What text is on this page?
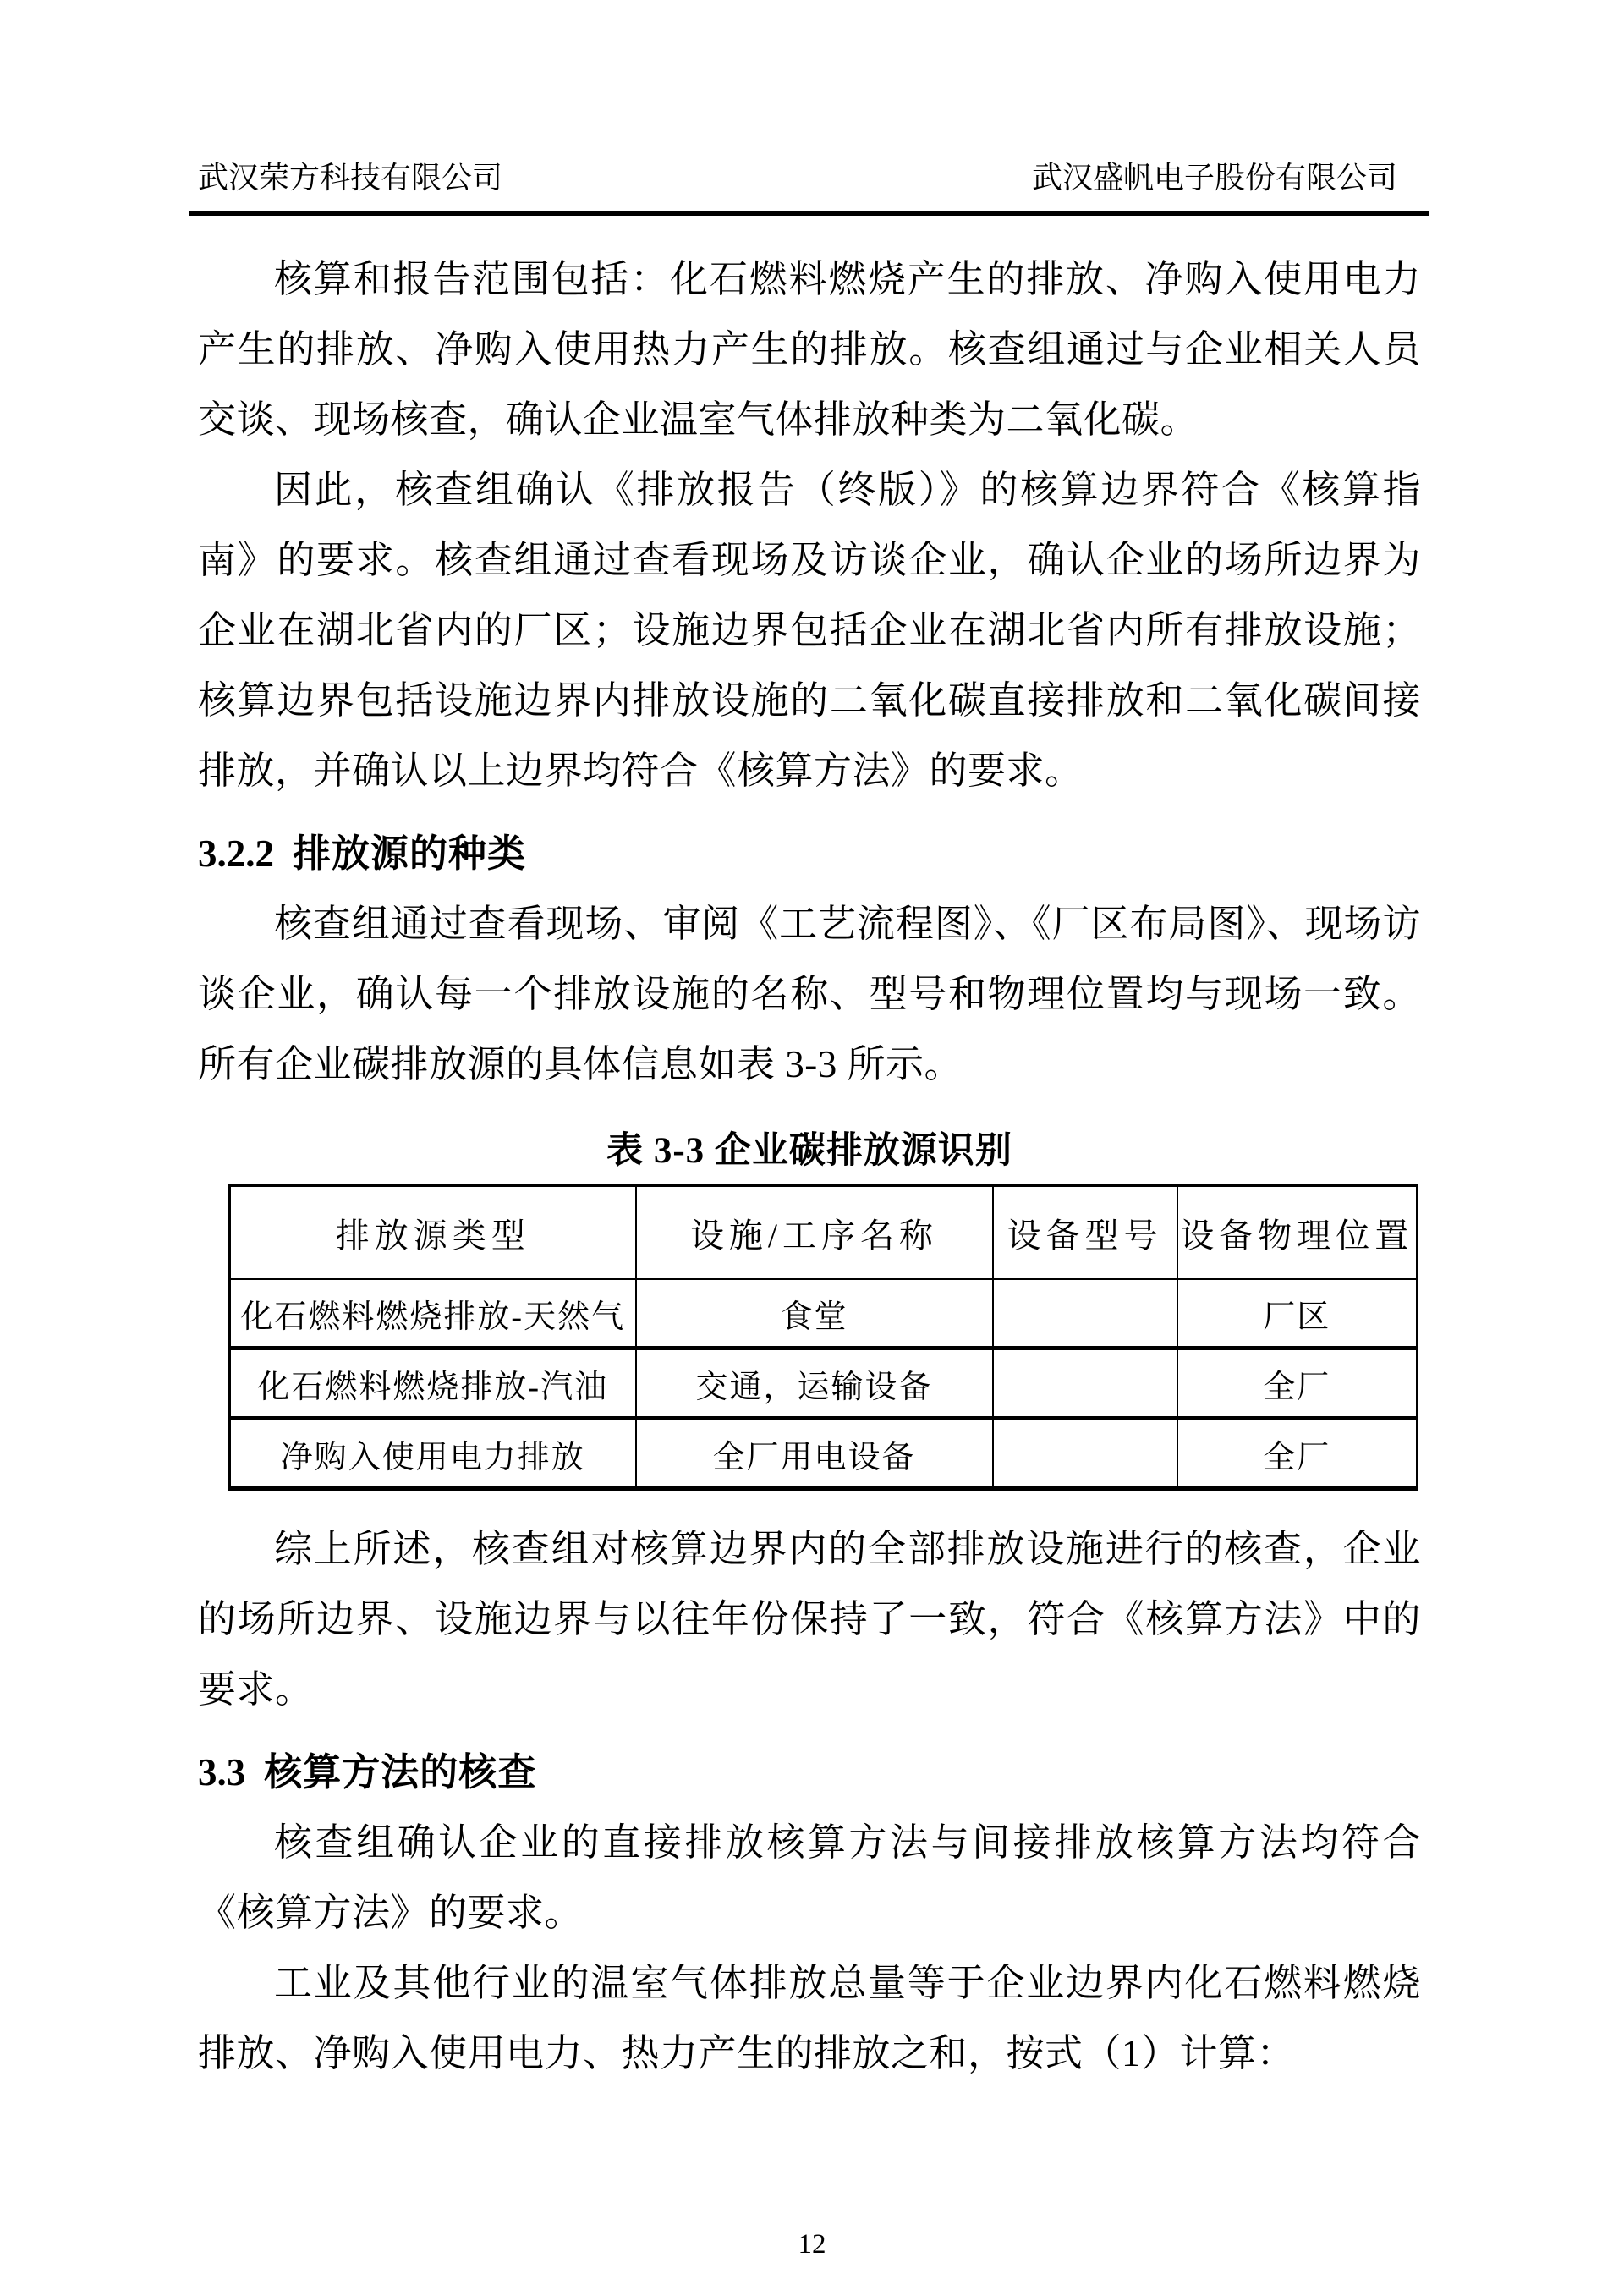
武汉荣方科技有限公司	武汉盛帆电子股份有限公司

核算和报告范围包括：化石燃料燃烧产生的排放、净购入使用电力产生的排放、净购入使用热力产生的排放。核查组通过与企业相关人员交谈、现场核查，确认企业温室气体排放种类为二氧化碳。

因此，核查组确认《排放报告（终版）》的核算边界符合《核算指南》的要求。核查组通过查看现场及访谈企业，确认企业的场所边界为企业在湖北省内的厂区；设施边界包括企业在湖北省内所有排放设施；核算边界包括设施边界内排放设施的二氧化碳直接排放和二氧化碳间接排放，并确认以上边界均符合《核算方法》的要求。

3.2.2 排放源的种类

核查组通过查看现场、审阅《工艺流程图》、《厂区布局图》、现场访谈企业，确认每一个排放设施的名称、型号和物理位置均与现场一致。所有企业碳排放源的具体信息如表 3-3 所示。

表 3-3 企业碳排放源识别
排放源类型	设施/工序名称	设备型号	设备物理位置
化石燃料燃烧排放-天然气	食堂		厂区
化石燃料燃烧排放-汽油	交通，运输设备		全厂
净购入使用电力排放	全厂用电设备		全厂

综上所述，核查组对核算边界内的全部排放设施进行的核查，企业的场所边界、设施边界与以往年份保持了一致，符合《核算方法》中的要求。

3.3 核算方法的核查

核查组确认企业的直接排放核算方法与间接排放核算方法均符合《核算方法》的要求。

工业及其他行业的温室气体排放总量等于企业边界内化石燃料燃烧排放、净购入使用电力、热力产生的排放之和，按式（1）计算：

12
